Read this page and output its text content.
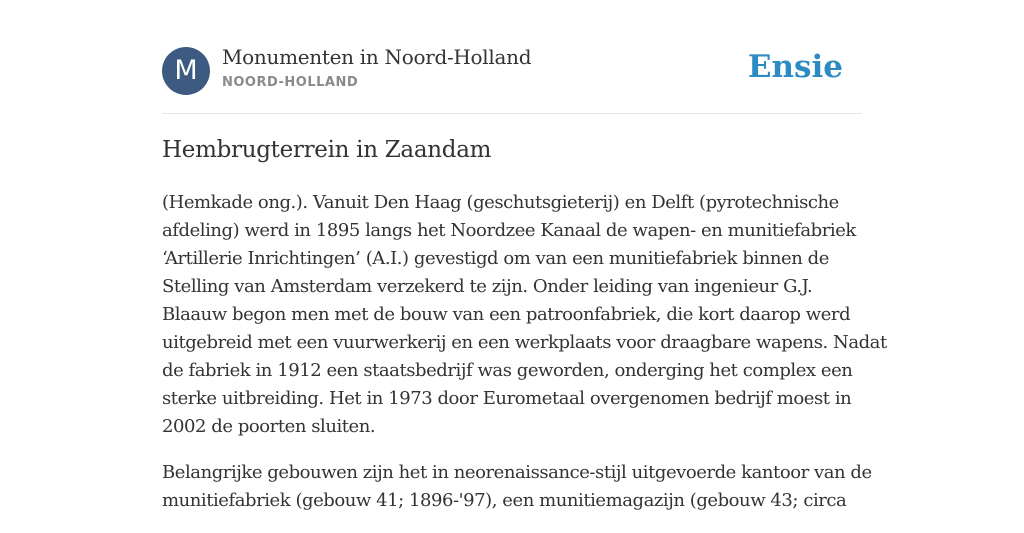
M	Monumenten in Noord-Holland
NOORD-HOLLAND	Ensie
Hembrugterrein in Zaandam

(Hemkade ong.). Vanuit Den Haag (geschutsgieterij) en Delft (pyrotechnische
afdeling) werd in 1895 langs het Noordzee Kanaal de wapen- en munitiefabriek
‘Artillerie Inrichtingen’ (A.I.) gevestigd om van een munitiefabriek binnen de
Stelling van Amsterdam verzekerd te zijn. Onder leiding van ingenieur G.J.
Blaauw begon men met de bouw van een patroonfabriek, die kort daarop werd
uitgebreid met een vuurwerkerij en een werkplaats voor draagbare wapens. Nadat
de fabriek in 1912 een staatsbedrijf was geworden, onderging het complex een
sterke uitbreiding. Het in 1973 door Eurometaal overgenomen bedrijf moest in
2002 de poorten sluiten.

Belangrijke gebouwen zijn het in neorenaissance-stijl uitgevoerde kantoor van de
munitiefabriek (gebouw 41; 1896-'97), een munitiemagazijn (gebouw 43; circa
